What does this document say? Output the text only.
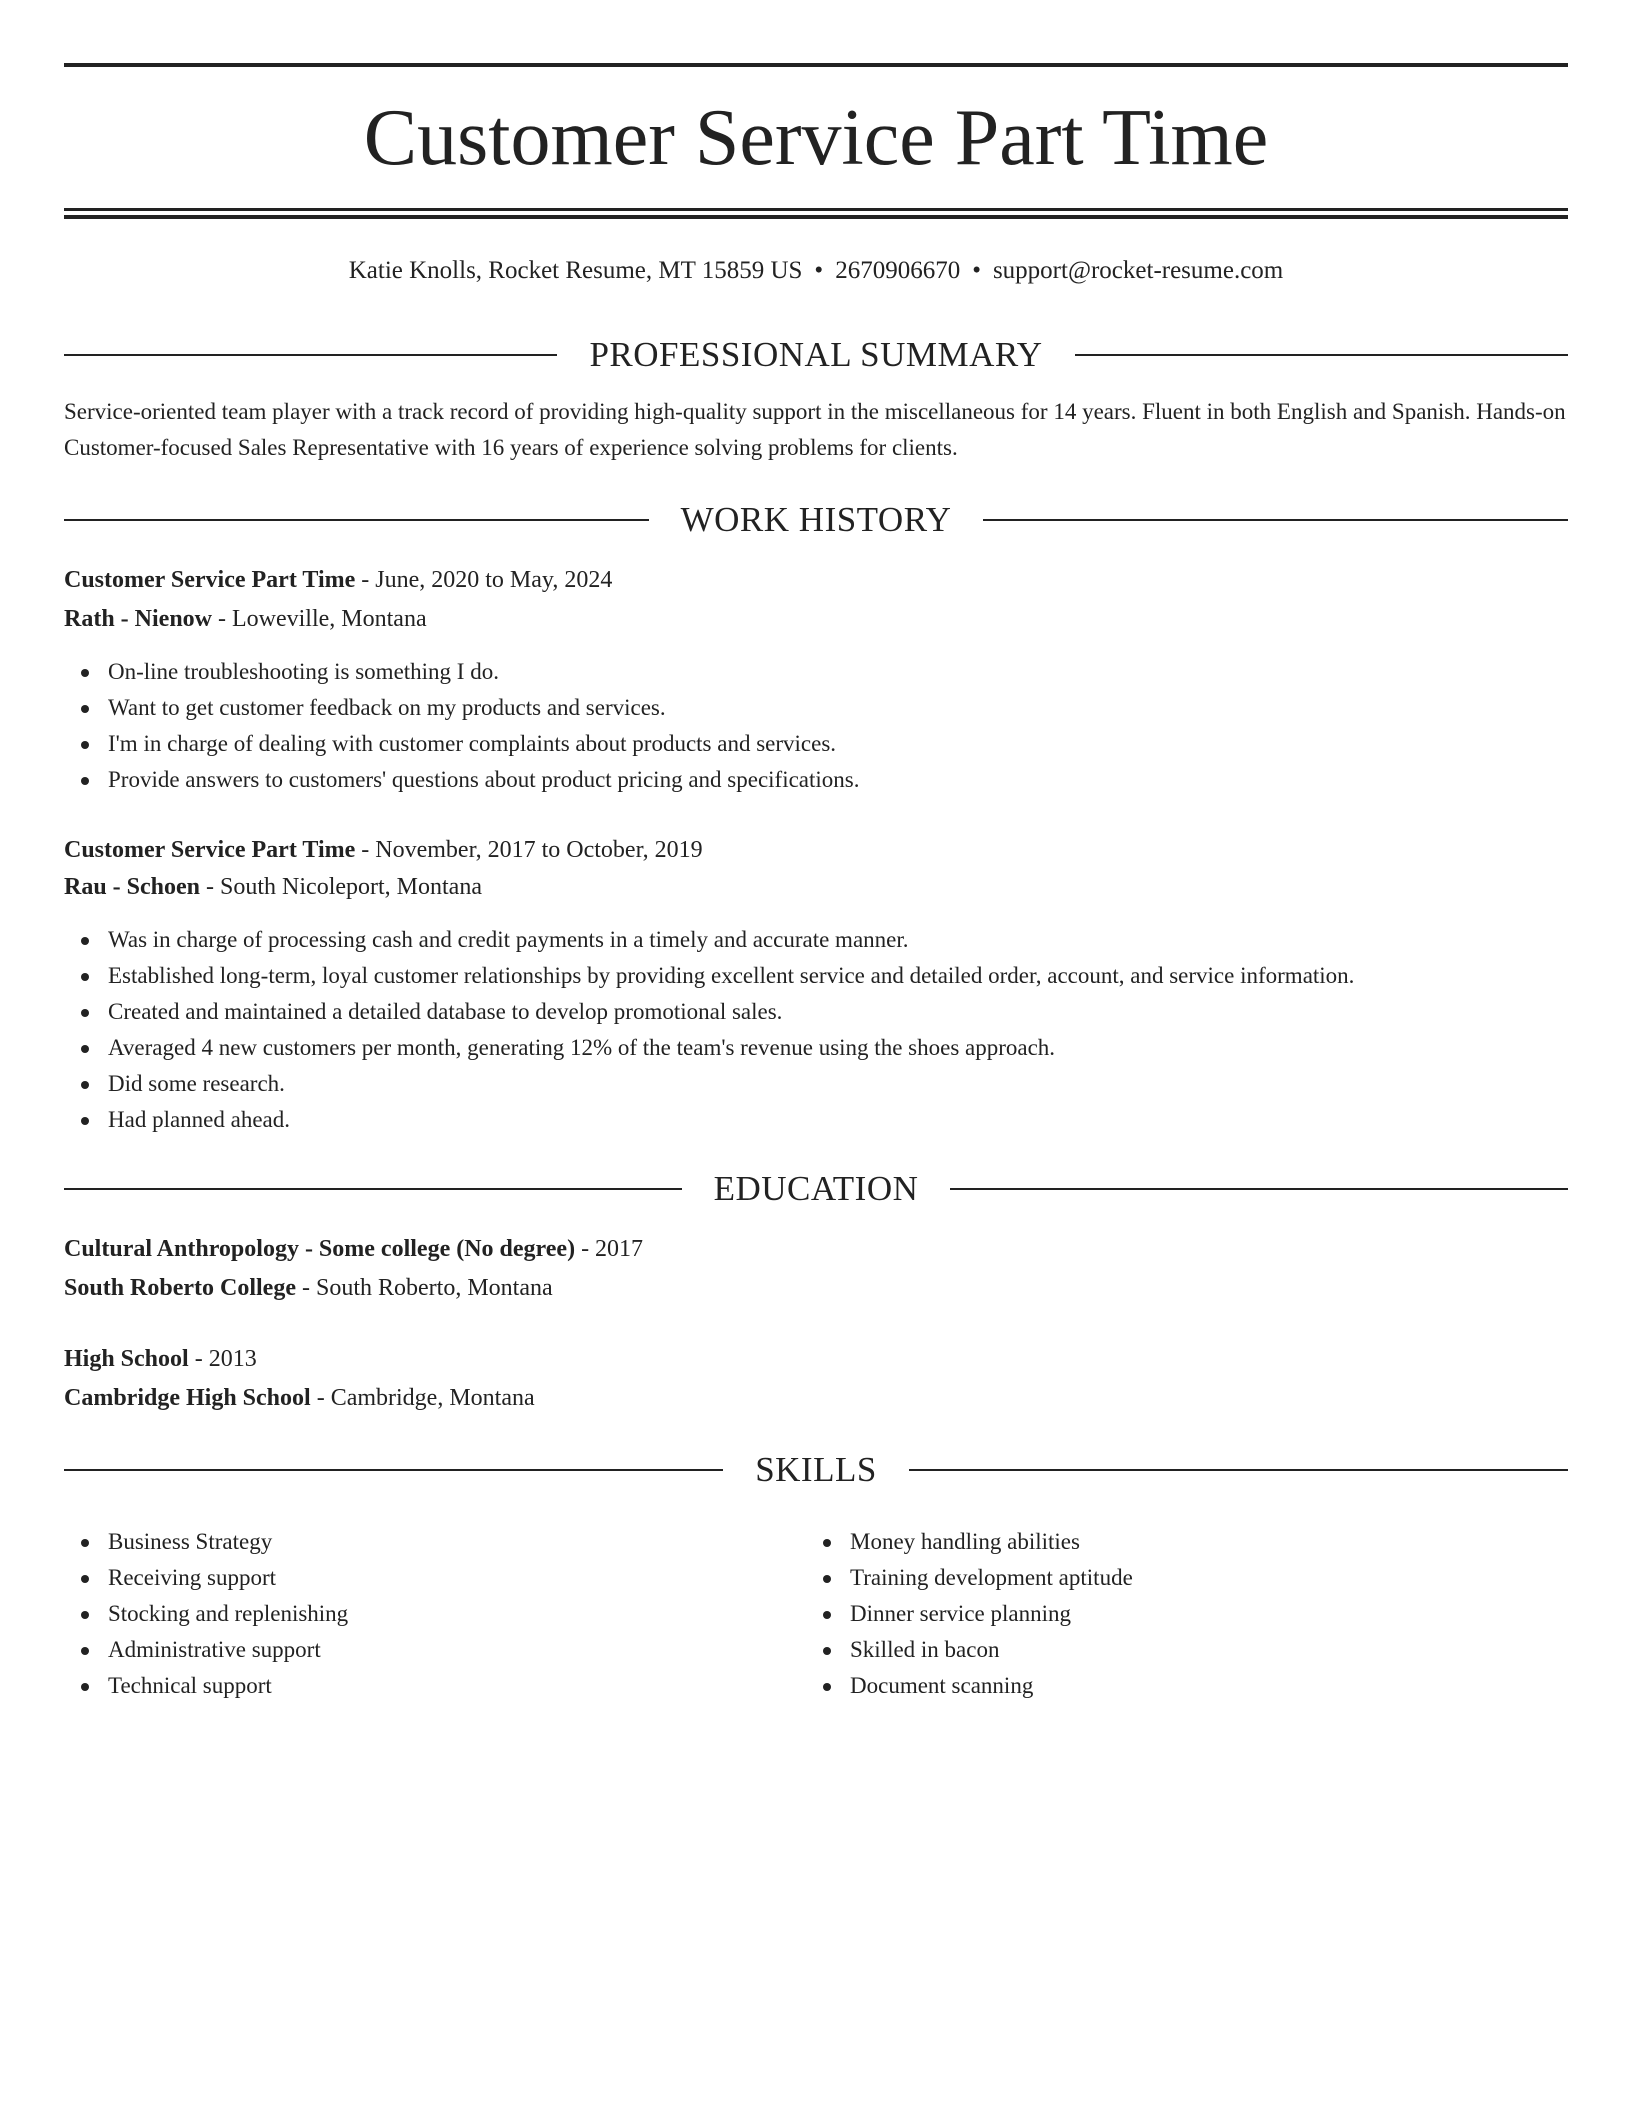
Customer Service Part Time
Katie Knolls, Rocket Resume, MT 15859 US • 2670906670 • support@rocket-resume.com
PROFESSIONAL SUMMARY
Service-oriented team player with a track record of providing high-quality support in the miscellaneous for 14 years. Fluent in both English and Spanish. Hands-on Customer-focused Sales Representative with 16 years of experience solving problems for clients.
WORK HISTORY
Customer Service Part Time - June, 2020 to May, 2024
Rath - Nienow - Loweville, Montana
On-line troubleshooting is something I do.
Want to get customer feedback on my products and services.
I'm in charge of dealing with customer complaints about products and services.
Provide answers to customers' questions about product pricing and specifications.
Customer Service Part Time - November, 2017 to October, 2019
Rau - Schoen - South Nicoleport, Montana
Was in charge of processing cash and credit payments in a timely and accurate manner.
Established long-term, loyal customer relationships by providing excellent service and detailed order, account, and service information.
Created and maintained a detailed database to develop promotional sales.
Averaged 4 new customers per month, generating 12% of the team's revenue using the shoes approach.
Did some research.
Had planned ahead.
EDUCATION
Cultural Anthropology - Some college (No degree) - 2017
South Roberto College - South Roberto, Montana
High School - 2013
Cambridge High School - Cambridge, Montana
SKILLS
Business Strategy
Receiving support
Stocking and replenishing
Administrative support
Technical support
Money handling abilities
Training development aptitude
Dinner service planning
Skilled in bacon
Document scanning
